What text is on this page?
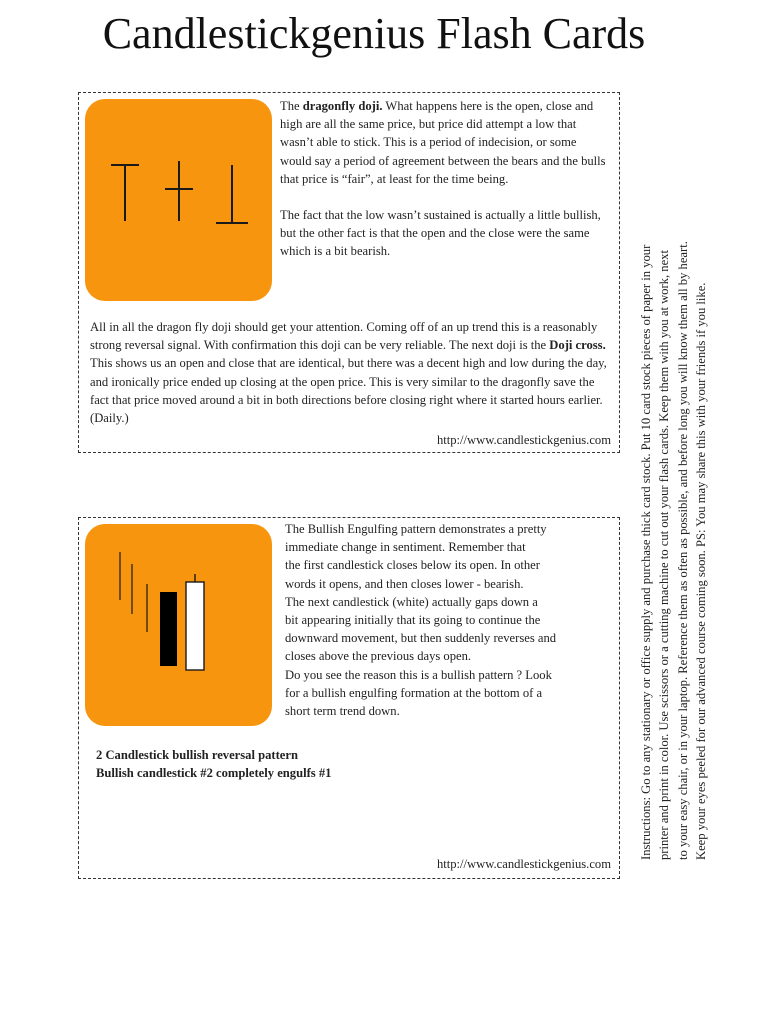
Candlestickgenius Flash Cards

The dragonfly doji. What happens here is the open, close and high are all the same price, but price did attempt a low that wasn’t able to stick. This is a period of indecision, or some would say a period of agreement between the bears and the bulls that price is “fair”, at least for the time being.

The fact that the low wasn’t sustained is actually a little bullish, but the other fact is that the open and the close were the same which is a bit bearish.

All in all the dragon fly doji should get your attention. Coming off of an up trend this is a reasonably strong reversal signal. With confirmation this doji can be very reliable. The next doji is the Doji cross. This shows us an open and close that are identical, but there was a decent high and low during the day, and ironically price ended up closing at the open price. This is very similar to the dragonfly save the fact that price moved around a bit in both directions before closing right where it started hours earlier. (Daily.)

http://www.candlestickgenius.com
The Bullish Engulfing pattern demonstrates a pretty
immediate change in sentiment. Remember that
the first candlestick closes below its open. In other
words it opens, and then closes lower - bearish.
The next candlestick (white) actually gaps down a
bit appearing initially that its going to continue the
downward movement, but then suddenly reverses and
closes above the previous days open.
Do you see the reason this is a bullish pattern ? Look
for a bullish engulfing formation at the bottom of a
short term trend down.
2 Candlestick bullish reversal pattern
Bullish candlestick #2 completely engulfs #1
http://www.candlestickgenius.com
Instructions: Go to any stationary or office supply and purchase thick card stock. Put 10 card stock pieces of paper in your printer and print in color. Use scissors or a cutting machine to cut out your flash cards. Keep them with you at work, next to your easy chair, or in your laptop. Reference them as often as possible, and before long you will know them all by heart. Keep your eyes peeled for our advanced course coming soon. PS: You may share this with your friends if you like.
